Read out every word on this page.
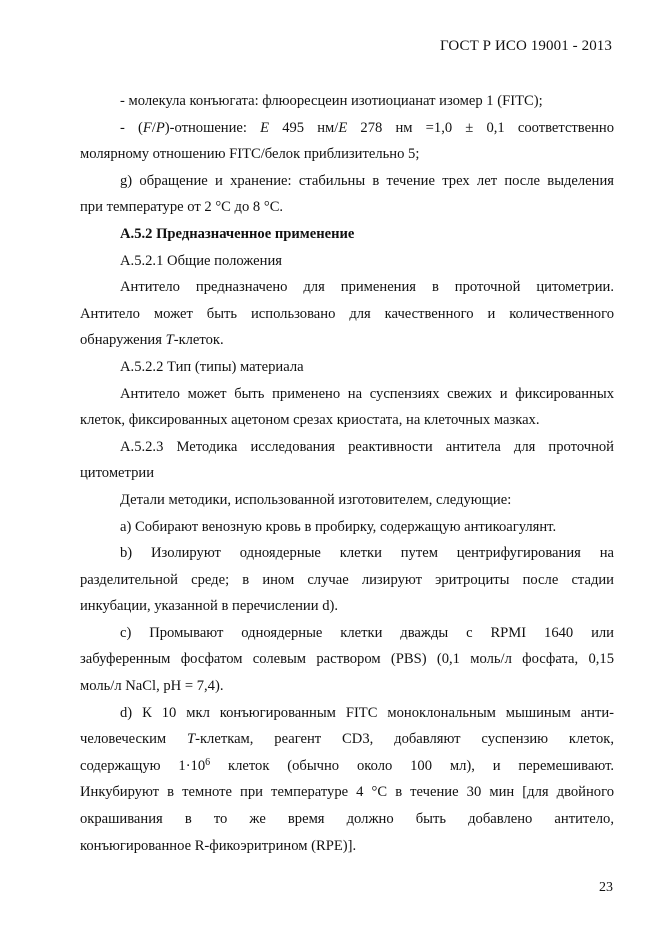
ГОСТ Р ИСО 19001 - 2013
- молекула конъюгата: флюоресцеин изотиоцианат изомер 1 (FITC);
- (F/P)-отношение: E 495 нм/E 278 нм =1,0 ± 0,1 соответственно
молярному отношению FITC/белок приблизительно 5;
g) обращение и хранение: стабильны в течение трех лет после выделения
при температуре от 2 °С до 8 °С.
А.5.2 Предназначенное применение
А.5.2.1 Общие положения
Антитело предназначено для применения в проточной цитометрии.
Антитело может быть использовано для качественного и количественного
обнаружения Т-клеток.
А.5.2.2 Тип (типы) материала
Антитело может быть применено на суспензиях свежих и фиксированных
клеток, фиксированных ацетоном срезах криостата, на клеточных мазках.
А.5.2.3 Методика исследования реактивности антитела для проточной
цитометрии
Детали методики, использованной изготовителем, следующие:
а) Собирают венозную кровь в пробирку, содержащую антикоагулянт.
b) Изолируют одноядерные клетки путем центрифугирования на
разделительной среде; в ином случае лизируют эритроциты после стадии
инкубации, указанной в перечислении d).
с) Промывают одноядерные клетки дважды с RPMI 1640 или
забуференным фосфатом солевым раствором (PBS) (0,1 моль/л фосфата, 0,15
моль/л NaCl, рН = 7,4).
d) К 10 мкл конъюгированным FITC моноклональным мышиным анти-
человеческим Т-клеткам, реагент CD3, добавляют суспензию клеток,
содержащую $1\cdot 10^6$ клеток (обычно около 100 мл), и перемешивают.
Инкубируют в темноте при температуре 4 °С в течение 30 мин [для двойного
окрашивания в то же время должно быть добавлено антитело,
конъюгированное R-фикоэритрином (RPE)].
23
